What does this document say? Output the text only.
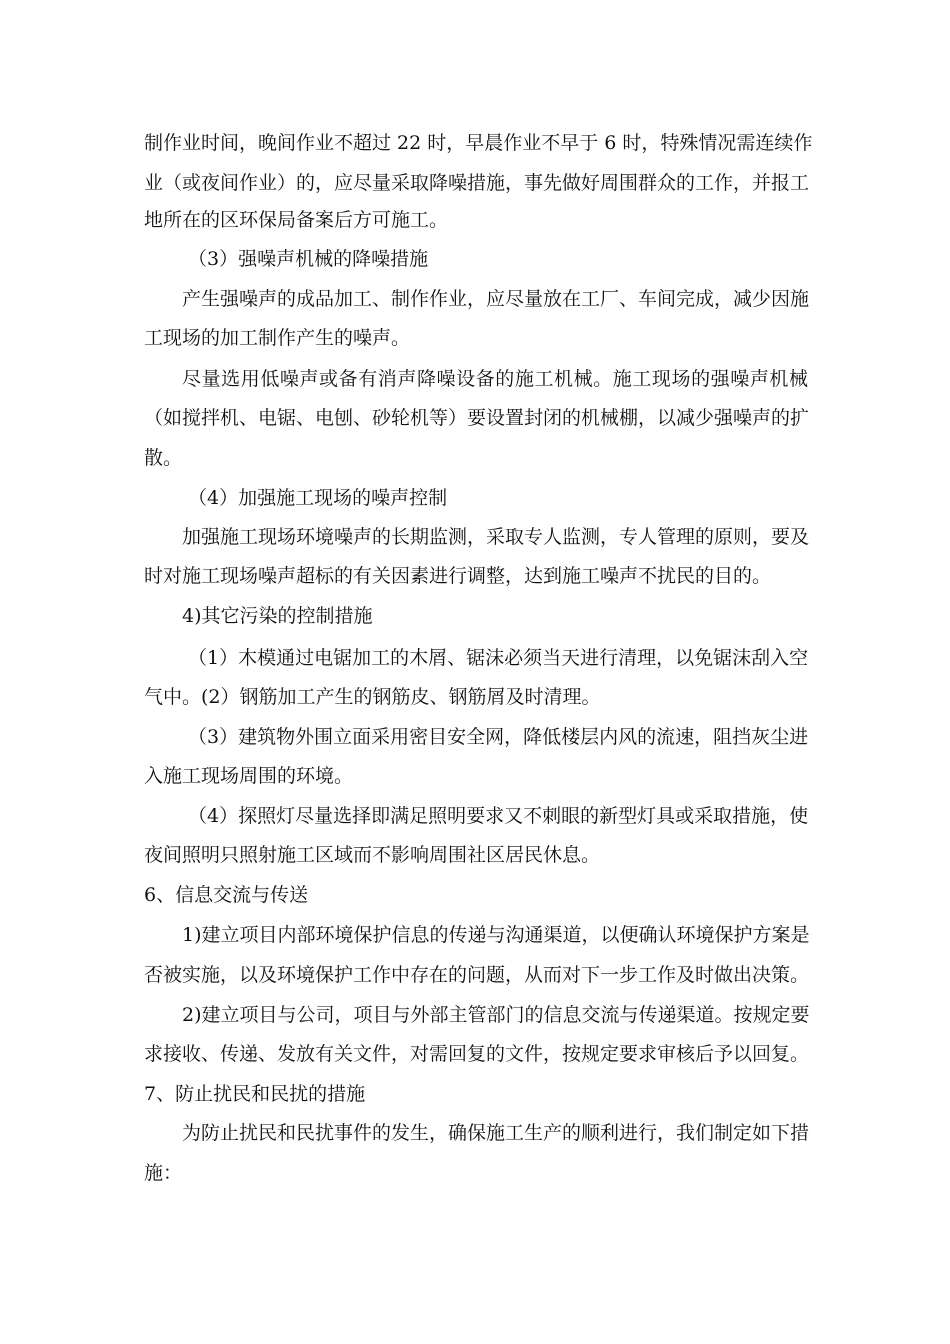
制作业时间，晚间作业不超过 22 时，早晨作业不早于 6 时，特殊情况需连续作
业（或夜间作业）的，应尽量采取降噪措施，事先做好周围群众的工作，并报工
地所在的区环保局备案后方可施工。
（3）强噪声机械的降噪措施
产生强噪声的成品加工、制作作业，应尽量放在工厂、车间完成，减少因施
工现场的加工制作产生的噪声。
尽量选用低噪声或备有消声降噪设备的施工机械。施工现场的强噪声机械
（如搅拌机、电锯、电刨、砂轮机等）要设置封闭的机械棚，以减少强噪声的扩
散。
（4）加强施工现场的噪声控制
加强施工现场环境噪声的长期监测，采取专人监测，专人管理的原则，要及
时对施工现场噪声超标的有关因素进行调整，达到施工噪声不扰民的目的。
4)其它污染的控制措施
（1）木模通过电锯加工的木屑、锯沫必须当天进行清理，以免锯沫刮入空
气中。(2）钢筋加工产生的钢筋皮、钢筋屑及时清理。
（3）建筑物外围立面采用密目安全网，降低楼层内风的流速，阻挡灰尘进
入施工现场周围的环境。
（4）探照灯尽量选择即满足照明要求又不刺眼的新型灯具或采取措施，使
夜间照明只照射施工区域而不影响周围社区居民休息。
6、信息交流与传送
1)建立项目内部环境保护信息的传递与沟通渠道，以便确认环境保护方案是
否被实施，以及环境保护工作中存在的问题，从而对下一步工作及时做出决策。
2)建立项目与公司，项目与外部主管部门的信息交流与传递渠道。按规定要
求接收、传递、发放有关文件，对需回复的文件，按规定要求审核后予以回复。
7、防止扰民和民扰的措施
为防止扰民和民扰事件的发生，确保施工生产的顺利进行，我们制定如下措
施：
